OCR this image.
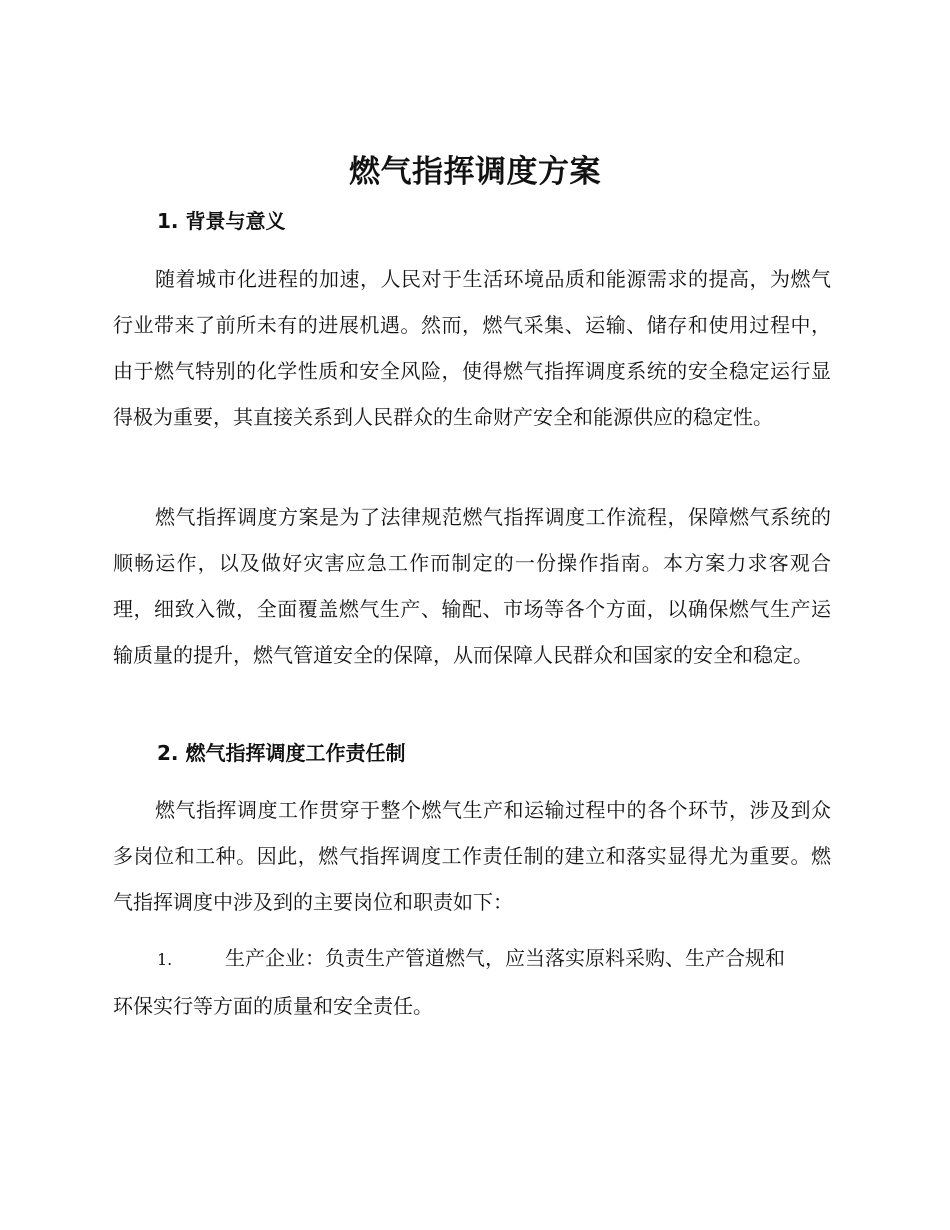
燃气指挥调度方案
1. 背景与意义

随着城市化进程的加速，人民对于生活环境品质和能源需求的提高，为燃气行业带来了前所未有的进展机遇。然而，燃气采集、运输、储存和使用过程中，由于燃气特别的化学性质和安全风险，使得燃气指挥调度系统的安全稳定运行显得极为重要，其直接关系到人民群众的生命财产安全和能源供应的稳定性。

燃气指挥调度方案是为了法律规范燃气指挥调度工作流程，保障燃气系统的顺畅运作，以及做好灾害应急工作而制定的一份操作指南。本方案力求客观合理，细致入微，全面覆盖燃气生产、输配、市场等各个方面，以确保燃气生产运输质量的提升，燃气管道安全的保障，从而保障人民群众和国家的安全和稳定。

2. 燃气指挥调度工作责任制

燃气指挥调度工作贯穿于整个燃气生产和运输过程中的各个环节，涉及到众多岗位和工种。因此，燃气指挥调度工作责任制的建立和落实显得尤为重要。燃气指挥调度中涉及到的主要岗位和职责如下：

1.	生产企业：负责生产管道燃气，应当落实原料采购、生产合规和
环保实行等方面的质量和安全责任。
